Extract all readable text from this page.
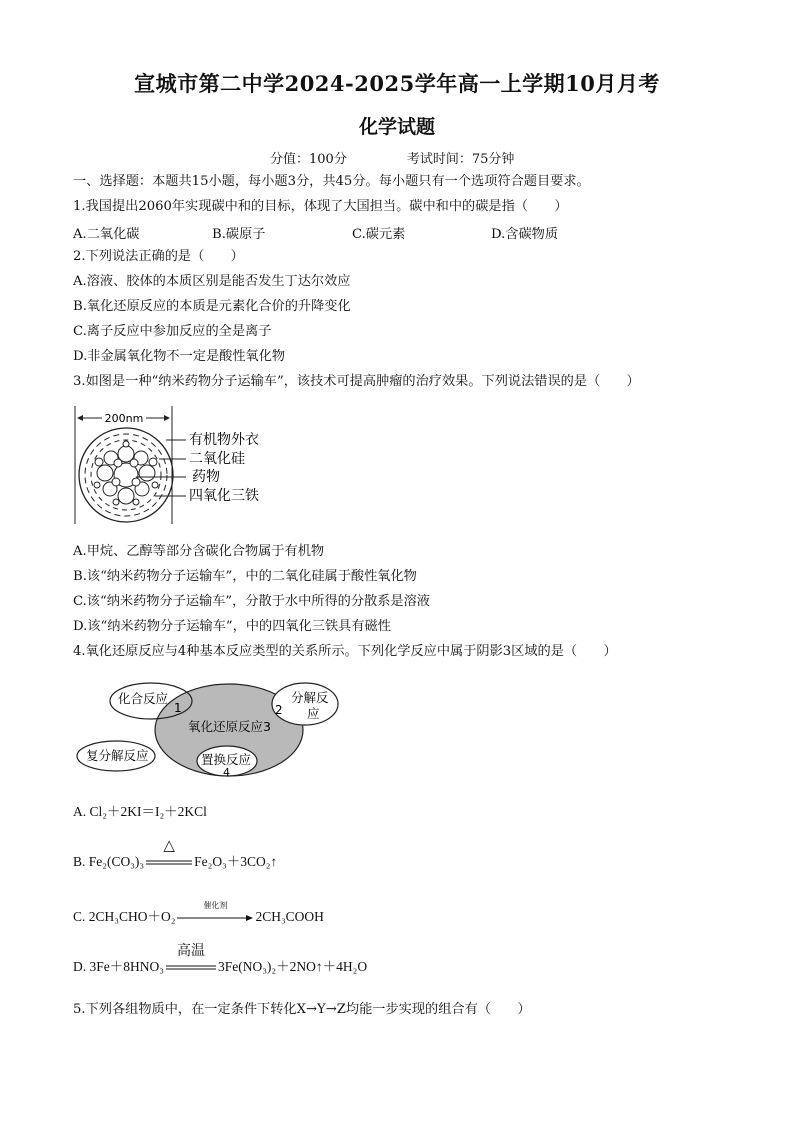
宣城市第二中学2024-2025学年高一上学期10月月考
化学试题
分值：100分	考试时间：75分钟
一、选择题：本题共15小题，每小题3分，共45分。每小题只有一个选项符合题目要求。
1.我国提出2060年实现碳中和的目标，体现了大国担当。碳中和中的碳是指（　　）
A.二氧化碳	B.碳原子	C.碳元素	D.含碳物质
2.下列说法正确的是（　　）
A.溶液、胶体的本质区别是能否发生丁达尔效应
B.氧化还原反应的本质是元素化合价的升降变化
C.离子反应中参加反应的全是离子
D.非金属氧化物不一定是酸性氧化物
3.如图是一种“纳米药物分子运输车”，该技术可提高肿瘤的治疗效果。下列说法错误的是（　　）
200nm
有机物外衣
二氧化硅
药物
四氧化三铁
A.甲烷、乙醇等部分含碳化合物属于有机物
B.该“纳米药物分子运输车”，中的二氧化硅属于酸性氧化物
C.该“纳米药物分子运输车”，分散于水中所得的分散系是溶液
D.该“纳米药物分子运输车”，中的四氧化三铁具有磁性
4.氧化还原反应与4种基本反应类型的关系所示。下列化学反应中属于阴影3区域的是（　　）
化合反应
1	2
分解反
应
氧化还原反应3
复分解反应	置换反应
4
A. Cl₂＋2KI＝I₂＋2KCl
B. Fe₂(CO₃)₃
△
Fe₂O₃＋3CO₂↑
C. 2CH₃CHO＋O₂
催化剂
2CH₃COOH
D. 3Fe＋8HNO₃
高温
3Fe(NO₃)₂＋2NO↑＋4H₂O
5.下列各组物质中，在一定条件下转化X→Y→Z均能一步实现的组合有（　　）
